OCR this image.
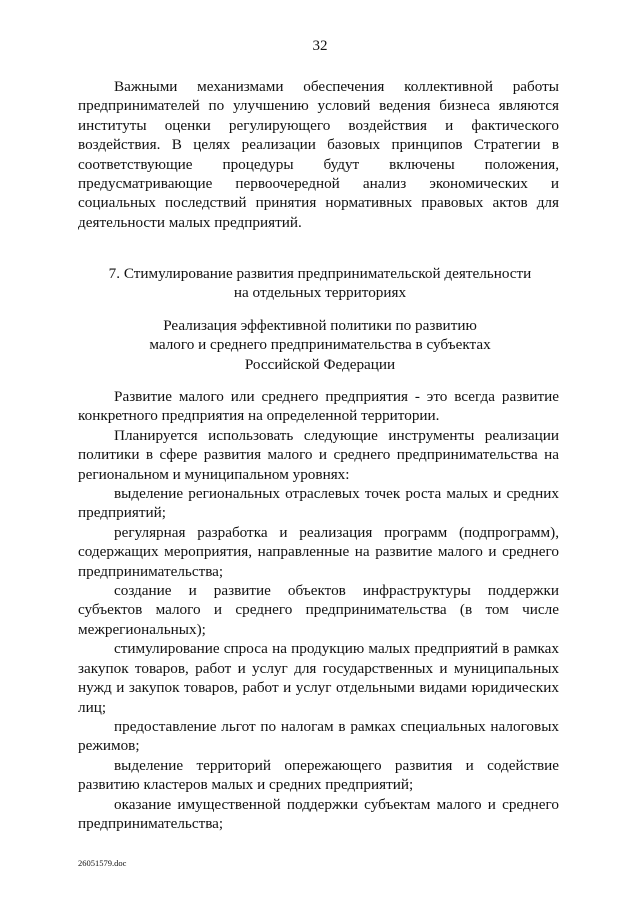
32

Важными механизмами обеспечения коллективной работы предпринимателей по улучшению условий ведения бизнеса являются институты оценки регулирующего воздействия и фактического воздействия. В целях реализации базовых принципов Стратегии в соответствующие процедуры будут включены положения, предусматривающие первоочередной анализ экономических и социальных последствий принятия нормативных правовых актов для деятельности малых предприятий.

7. Стимулирование развития предпринимательской деятельности
на отдельных территориях

Реализация эффективной политики по развитию
малого и среднего предпринимательства в субъектах
Российской Федерации

Развитие малого или среднего предприятия - это всегда развитие конкретного предприятия на определенной территории.

Планируется использовать следующие инструменты реализации политики в сфере развития малого и среднего предпринимательства на региональном и муниципальном уровнях:

выделение региональных отраслевых точек роста малых и средних предприятий;

регулярная разработка и реализация программ (подпрограмм), содержащих мероприятия, направленные на развитие малого и среднего предпринимательства;

создание и развитие объектов инфраструктуры поддержки субъектов малого и среднего предпринимательства (в том числе межрегиональных);

стимулирование спроса на продукцию малых предприятий в рамках закупок товаров, работ и услуг для государственных и муниципальных нужд и закупок товаров, работ и услуг отдельными видами юридических лиц;

предоставление льгот по налогам в рамках специальных налоговых режимов;

выделение территорий опережающего развития и содействие развитию кластеров малых и средних предприятий;

оказание имущественной поддержки субъектам малого и среднего предпринимательства;

26051579.doc
